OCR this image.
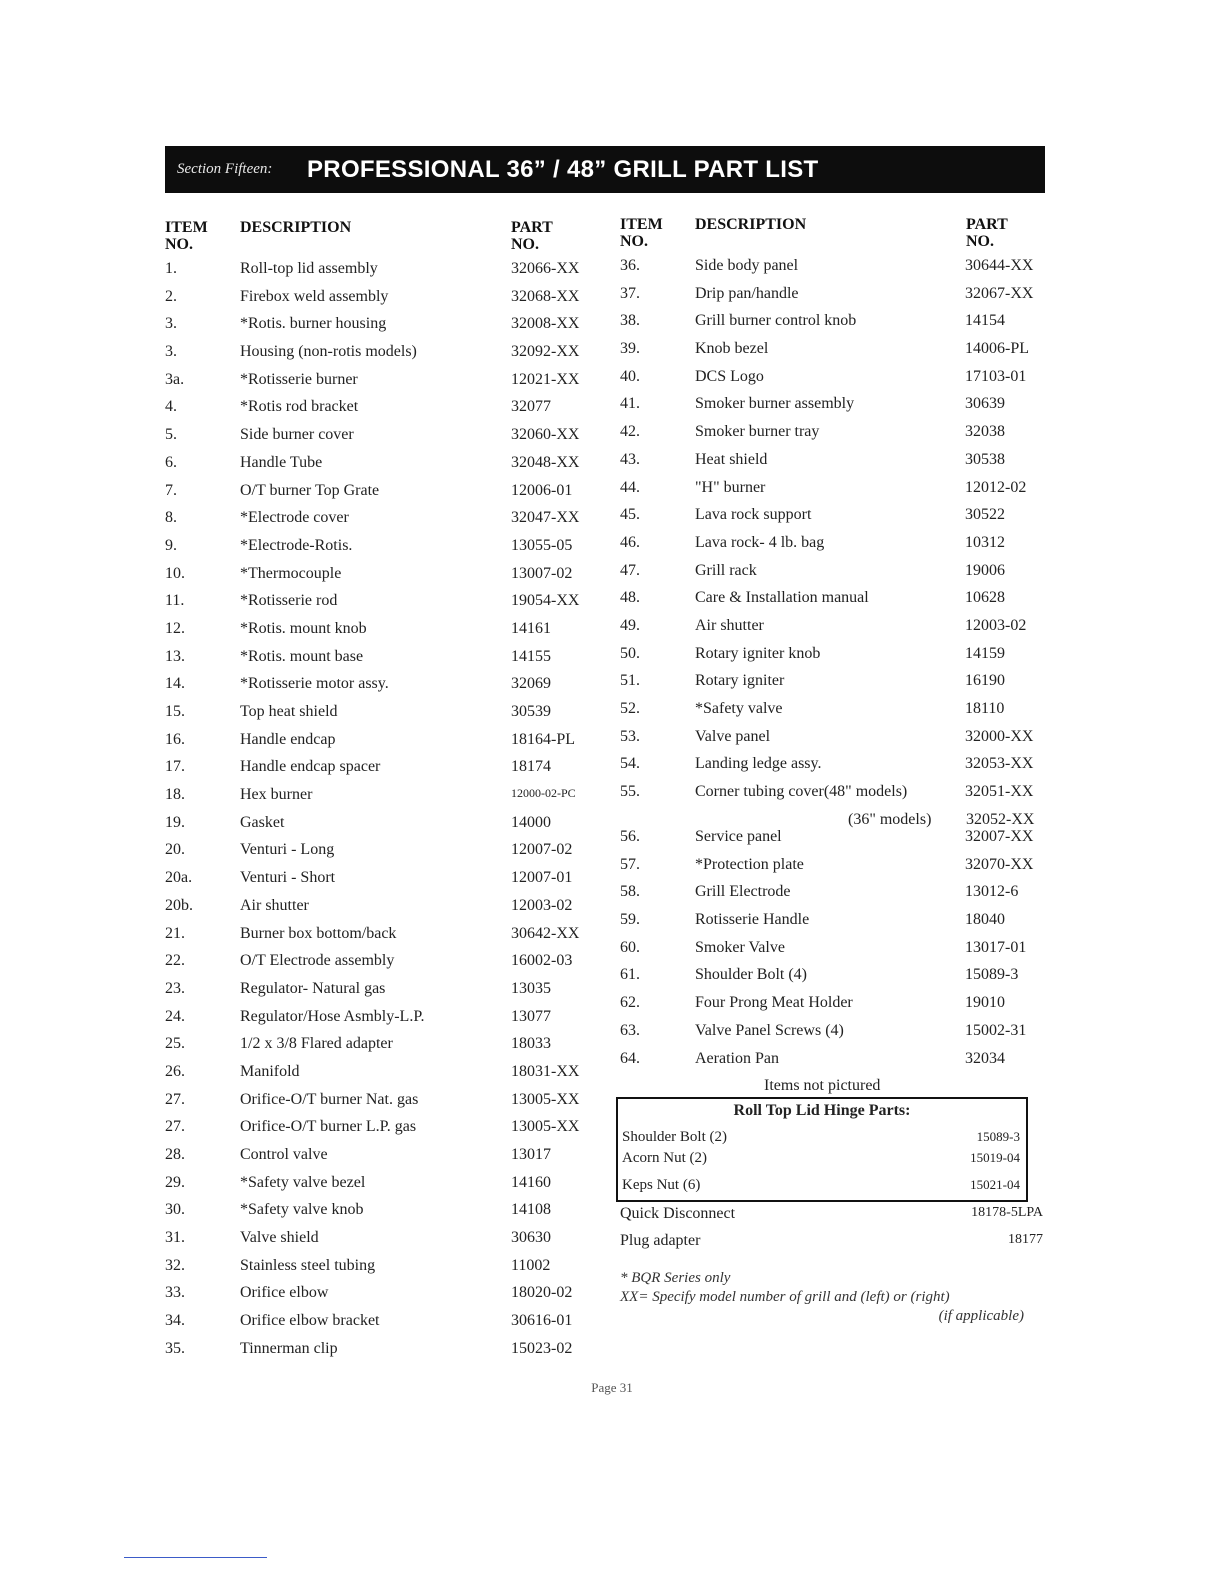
Section Fifteen:	PROFESSIONAL 36” / 48” GRILL PART LIST
ITEM NO.
DESCRIPTION	PART NO.
ITEM NO.
DESCRIPTION	PART NO.
1.	Roll-top lid assembly	32066-XX
2.	Firebox weld assembly	32068-XX
3.	*Rotis. burner housing	32008-XX
3.	Housing (non-rotis models)	32092-XX
3a.	*Rotisserie burner	12021-XX
4.	*Rotis rod bracket	32077
5.	Side burner cover	32060-XX
6.	Handle Tube	32048-XX
7.	O/T burner Top Grate	12006-01
8.	*Electrode cover	32047-XX
9.	*Electrode-Rotis.	13055-05
10.	*Thermocouple	13007-02
11.	*Rotisserie rod	19054-XX
12.	*Rotis. mount knob	14161
13.	*Rotis. mount base	14155
14.	*Rotisserie motor assy.	32069
15.	Top heat shield	30539
16.	Handle endcap	18164-PL
17.	Handle endcap spacer	18174
18.	Hex burner	12000-02-PC
19.	Gasket	14000
20.	Venturi - Long	12007-02
20a.	Venturi - Short	12007-01
20b.	Air shutter	12003-02
21.	Burner box bottom/back	30642-XX
22.	O/T Electrode assembly	16002-03
23.	Regulator- Natural gas	13035
24.	Regulator/Hose Asmbly-L.P.	13077
25.	1/2 x 3/8 Flared adapter	18033
26.	Manifold	18031-XX
27.	Orifice-O/T burner Nat. gas	13005-XX
27.	Orifice-O/T burner L.P. gas	13005-XX
28.	Control valve	13017
29.	*Safety valve bezel	14160
30.	*Safety valve knob	14108
31.	Valve shield	30630
32.	Stainless steel tubing	11002
33.	Orifice elbow	18020-02
34.	Orifice elbow bracket	30616-01
35.	Tinnerman clip	15023-02
36.	Side body panel	30644-XX
37.	Drip pan/handle	32067-XX
38.	Grill burner control knob	14154
39.	Knob bezel	14006-PL
40.	DCS Logo	17103-01
41.	Smoker burner assembly	30639
42.	Smoker burner tray	32038
43.	Heat shield	30538
44.	"H" burner	12012-02
45.	Lava rock support	30522
46.	Lava rock- 4 lb. bag	10312
47.	Grill rack	19006
48.	Care & Installation manual	10628
49.	Air shutter	12003-02
50.	Rotary igniter knob	14159
51.	Rotary igniter	16190
52.	*Safety valve	18110
53.	Valve panel	32000-XX
54.	Landing ledge assy.	32053-XX
55.	Corner tubing cover(48" models)	32051-XX
(36" models) 32052-XX
56.	Service panel	32007-XX
57.	*Protection plate	32070-XX
58.	Grill Electrode	13012-6
59.	Rotisserie Handle	18040
60.	Smoker Valve	13017-01
61.	Shoulder Bolt (4)	15089-3
62.	Four Prong Meat Holder	19010
63.	Valve Panel Screws (4)	15002-31
64.	Aeration Pan	32034
Items not pictured
Roll Top Lid Hinge Parts:
Shoulder Bolt (2)	15089-3
Acorn Nut (2)	15019-04
Keps Nut (6)	15021-04
Quick Disconnect	18178-5LPA
Plug adapter	18177
* BQR Series only
XX= Specify model number of grill and (left) or (right)
(if applicable)
Page 31
